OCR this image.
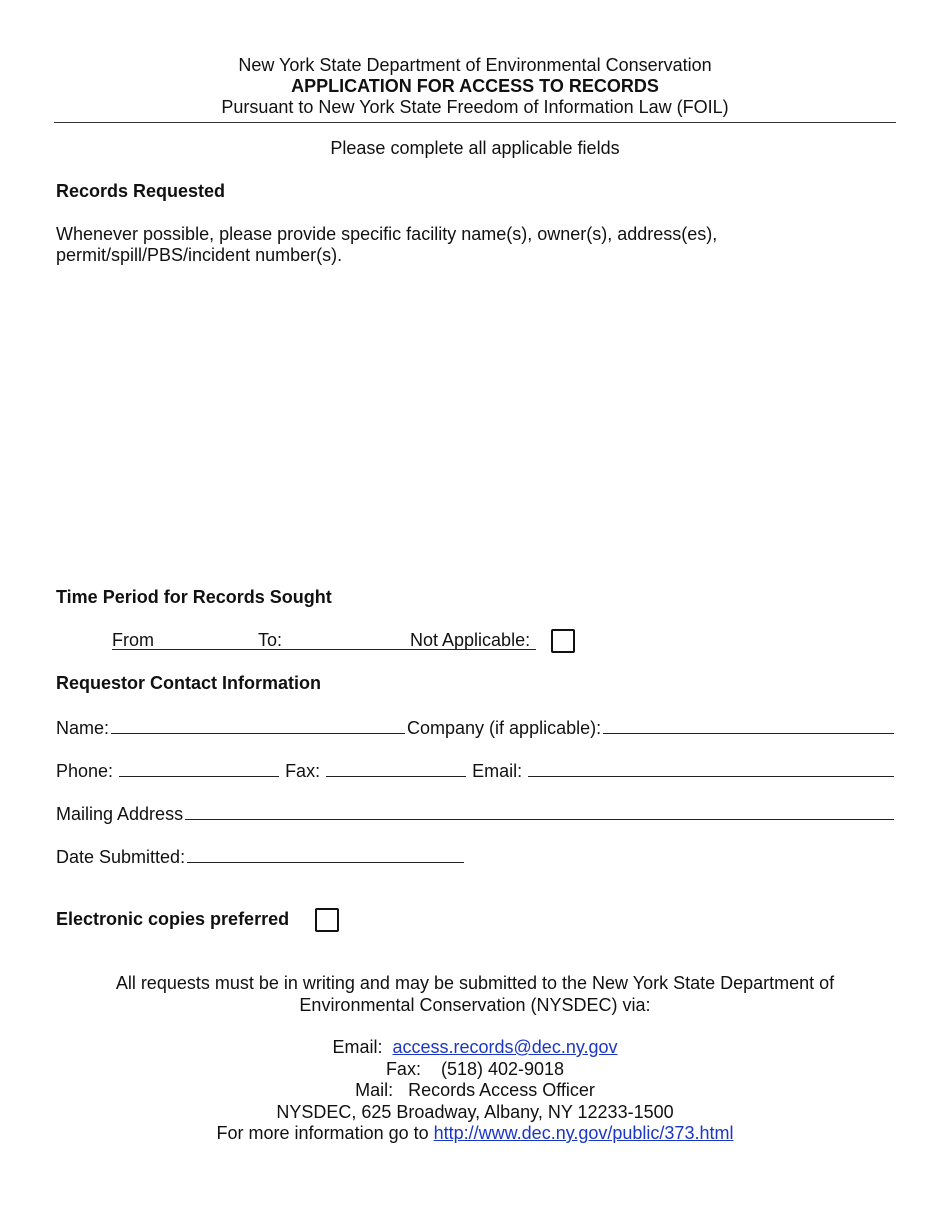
New York State Department of Environmental Conservation
APPLICATION FOR ACCESS TO RECORDS
Pursuant to New York State Freedom of Information Law (FOIL)
Please complete all applicable fields
Records Requested
Whenever possible, please provide specific facility name(s), owner(s), address(es),
permit/spill/PBS/incident number(s).
Time Period for Records Sought
From	To:	Not Applicable:
Requestor Contact Information
Name:	Company (if applicable):
Phone:	Fax:	Email:
Mailing Address
Date Submitted:
Electronic copies preferred
All requests must be in writing and may be submitted to the New York State Department of
Environmental Conservation (NYSDEC) via:
Email: access.records@dec.ny.gov
Fax: (518) 402-9018
Mail: Records Access Officer
NYSDEC, 625 Broadway, Albany, NY 12233-1500
For more information go to http://www.dec.ny.gov/public/373.html
